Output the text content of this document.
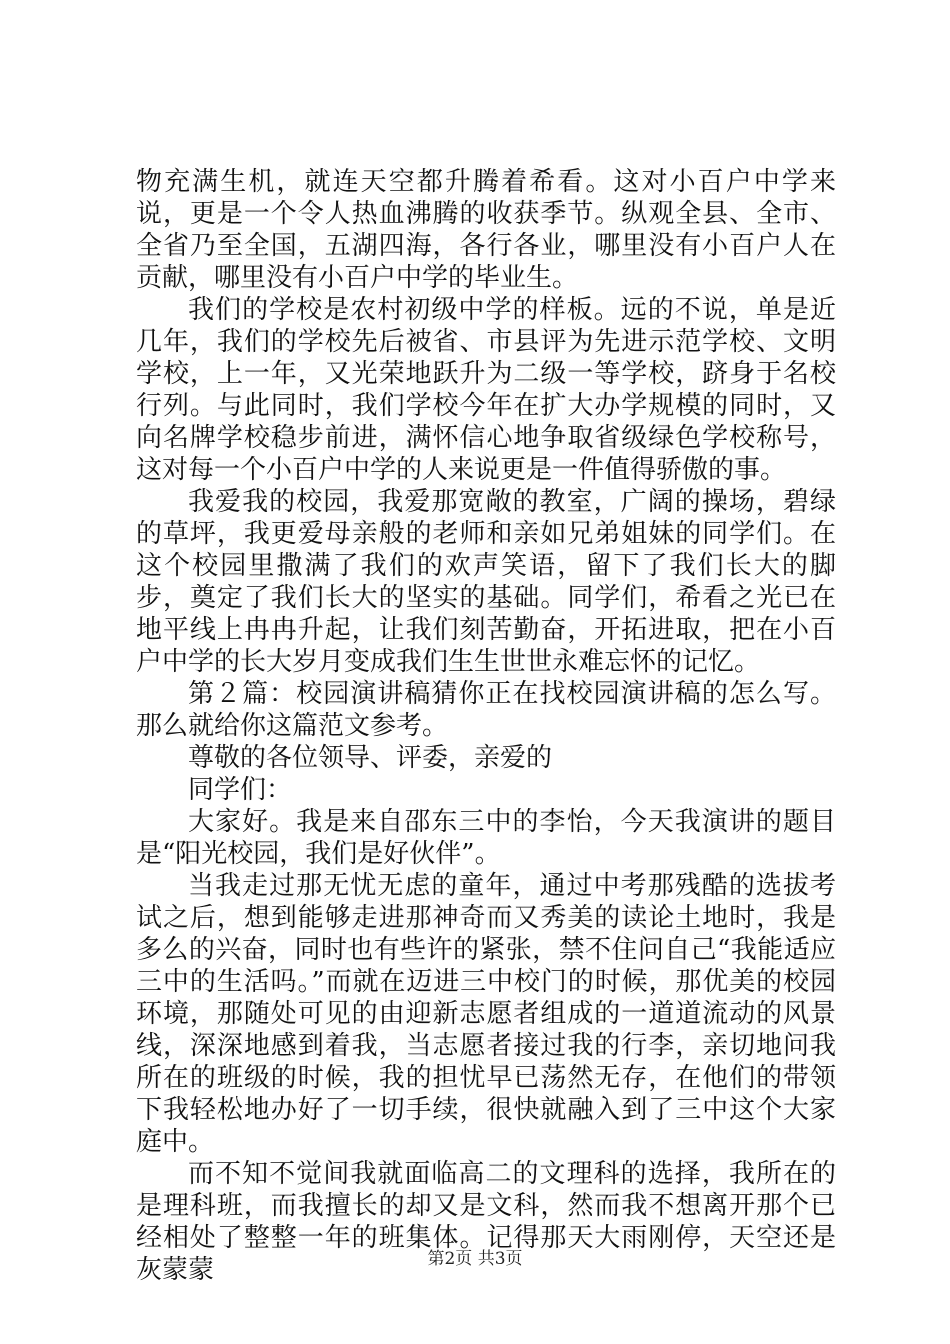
物充满生机，就连天空都升腾着希看。这对小百户中学来说，更是一个令人热血沸腾的收获季节。纵观全县、全市、全省乃至全国，五湖四海，各行各业，哪里没有小百户人在贡献，哪里没有小百户中学的毕业生。

我们的学校是农村初级中学的样板。远的不说，单是近几年，我们的学校先后被省、市县评为先进示范学校、文明学校，上一年，又光荣地跃升为二级一等学校，跻身于名校行列。与此同时，我们学校今年在扩大办学规模的同时，又向名牌学校稳步前进，满怀信心地争取省级绿色学校称号，这对每一个小百户中学的人来说更是一件值得骄傲的事。

我爱我的校园，我爱那宽敞的教室，广阔的操场，碧绿的草坪，我更爱母亲般的老师和亲如兄弟姐妹的同学们。在这个校园里撒满了我们的欢声笑语，留下了我们长大的脚步，奠定了我们长大的坚实的基础。同学们，希看之光已在地平线上冉冉升起，让我们刻苦勤奋，开拓进取，把在小百户中学的长大岁月变成我们生生世世永难忘怀的记忆。

第２篇：校园演讲稿猜你正在找校园演讲稿的怎么写。那么就给你这篇范文参考。

尊敬的各位领导、评委，亲爱的

同学们：

大家好。我是来自邵东三中的李怡，今天我演讲的题目是“阳光校园，我们是好伙伴”。

当我走过那无忧无虑的童年，通过中考那残酷的选拔考试之后，想到能够走进那神奇而又秀美的读论土地时，我是多么的兴奋，同时也有些许的紧张，禁不住问自己“我能适应三中的生活吗。”而就在迈进三中校门的时候，那优美的校园环境，那随处可见的由迎新志愿者组成的一道道流动的风景线，深深地感到着我，当志愿者接过我的行李，亲切地问我所在的班级的时候，我的担忧早已荡然无存，在他们的带领下我轻松地办好了一切手续，很快就融入到了三中这个大家庭中。

而不知不觉间我就面临高二的文理科的选择，我所在的是理科班，而我擅长的却又是文科，然而我不想离开那个已经相处了整整一年的班集体。记得那天大雨刚停，天空还是灰蒙蒙	第2页 共3页
